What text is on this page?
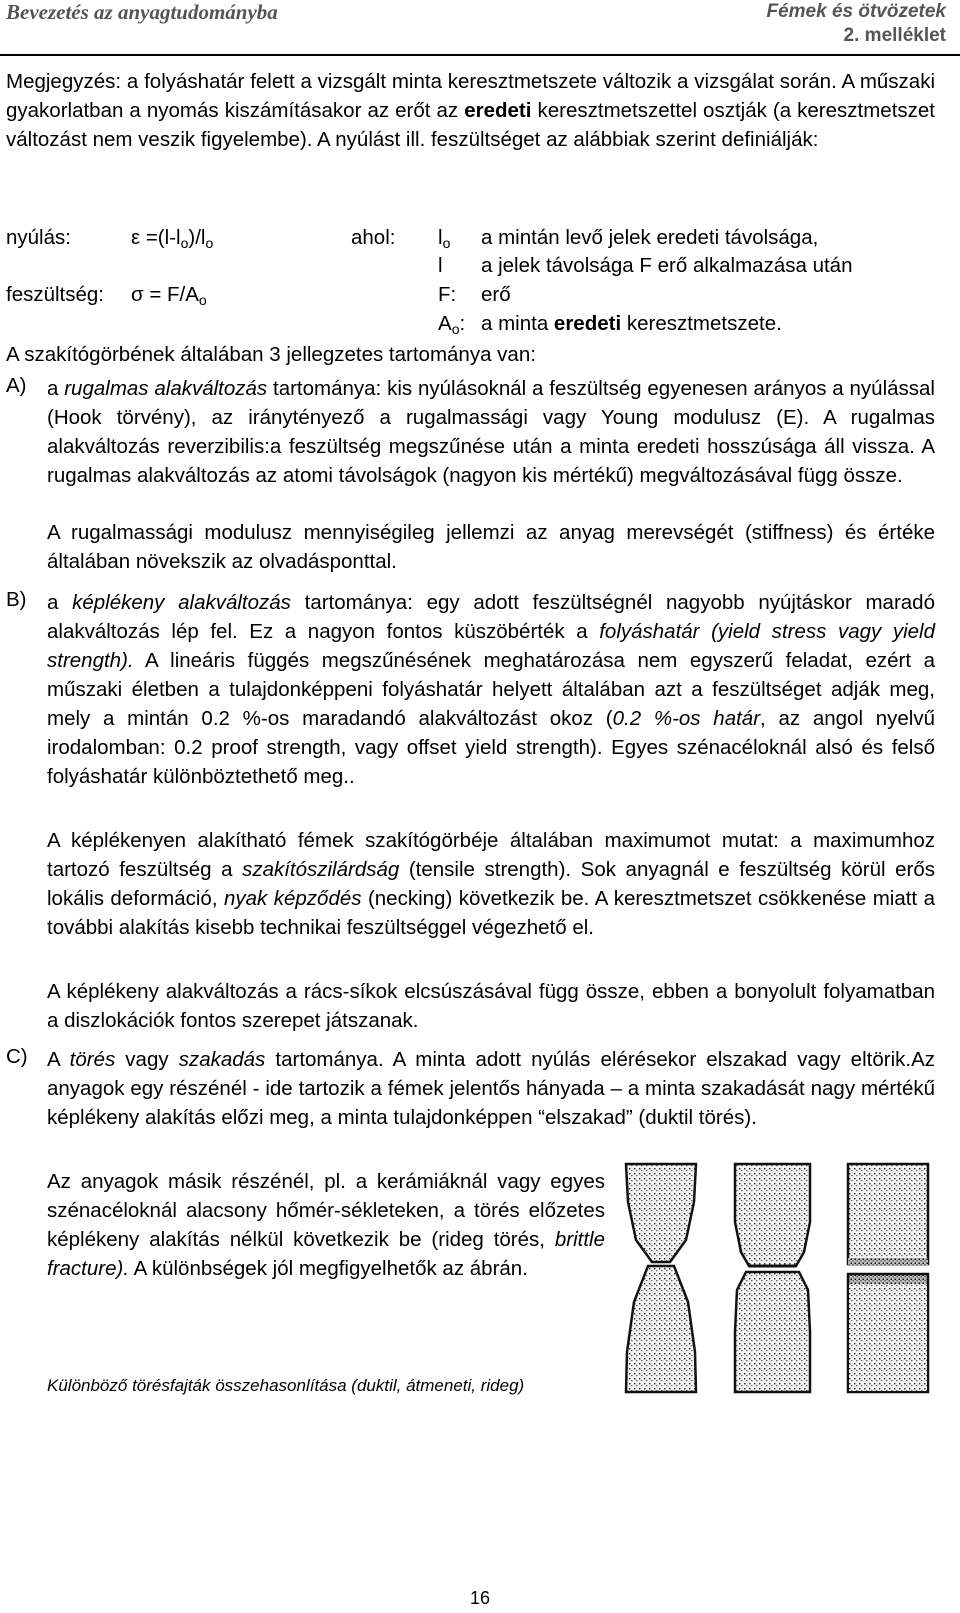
Bevezetés az anyagtudományba	Fémek és ötvözetek
2. melléklet
Megjegyzés: a folyáshatár felett a vizsgált minta keresztmetszete változik a vizsgálat során. A műszaki gyakorlatban a nyomás kiszámításakor az erőt az eredeti keresztmetszettel osztják (a keresztmetszet változást nem veszik figyelembe). A nyúlást ill. feszültséget az alábbiak szerint definiálják:
nyúlás:	$\varepsilon =(l-l_o)/l_o$	ahol: $l_o$ a mintán levő jelek eredeti távolsága,
l a jelek távolsága F erő alkalmazása után
feszültség: $\sigma = F/A_o$	F: erő
$A_o$: a minta eredeti keresztmetszete.
A szakítógörbének általában 3 jellegzetes tartománya van:
A) a rugalmas alakváltozás tartománya: kis nyúlásoknál a feszültség egyenesen arányos a nyúlással (Hook törvény), az iránytényező a rugalmassági vagy Young modulusz (E). A rugalmas alakváltozás reverzibilis:a feszültség megszűnése után a minta eredeti hosszúsága áll vissza. A rugalmas alakváltozás az atomi távolságok (nagyon kis mértékű) megváltozásával függ össze.
A rugalmassági modulusz mennyiségileg jellemzi az anyag merevségét (stiffness) és értéke általában növekszik az olvadásponttal.
B) a képlékeny alakváltozás tartománya: egy adott feszültségnél nagyobb nyújtáskor maradó alakváltozás lép fel. Ez a nagyon fontos küszöbérték a folyáshatár (yield stress vagy yield strength). A lineáris függés megszűnésének meghatározása nem egyszerű feladat, ezért a műszaki életben a tulajdonképpeni folyáshatár helyett általában azt a feszültséget adják meg, mely a mintán 0.2 %-os maradandó alakváltozást okoz (0.2 %-os határ, az angol nyelvű irodalomban: 0.2 proof strength, vagy offset yield strength). Egyes szénacéloknál alsó és felső folyáshatár különböztethető meg..
A képlékenyen alakítható fémek szakítógörbéje általában maximumot mutat: a maximumhoz tartozó feszültség a szakítószilárdság (tensile strength). Sok anyagnál e feszültség körül erős lokális deformáció, nyak képződés (necking) következik be. A keresztmetszet csökkenése miatt a további alakítás kisebb technikai feszültséggel végezhető el.
A képlékeny alakváltozás a rács-síkok elcsúszásával függ össze, ebben a bonyolult folyamatban a diszlokációk fontos szerepet játszanak.
C) A törés vagy szakadás tartománya. A minta adott nyúlás elérésekor elszakad vagy eltörik.Az anyagok egy részénél - ide tartozik a fémek jelentős hányada – a minta szakadását nagy mértékű képlékeny alakítás előzi meg, a minta tulajdonképpen “elszakad” (duktil törés).
Az anyagok másik részénél, pl. a kerámiáknál vagy egyes szénacéloknál alacsony hőmér-sékleteken, a törés előzetes képlékeny alakítás nélkül következik be (rideg törés, brittle fracture). A különbségek jól megfigyelhetők az ábrán.
Különböző törésfajták összehasonlítása (duktil, átmeneti, rideg)
16
